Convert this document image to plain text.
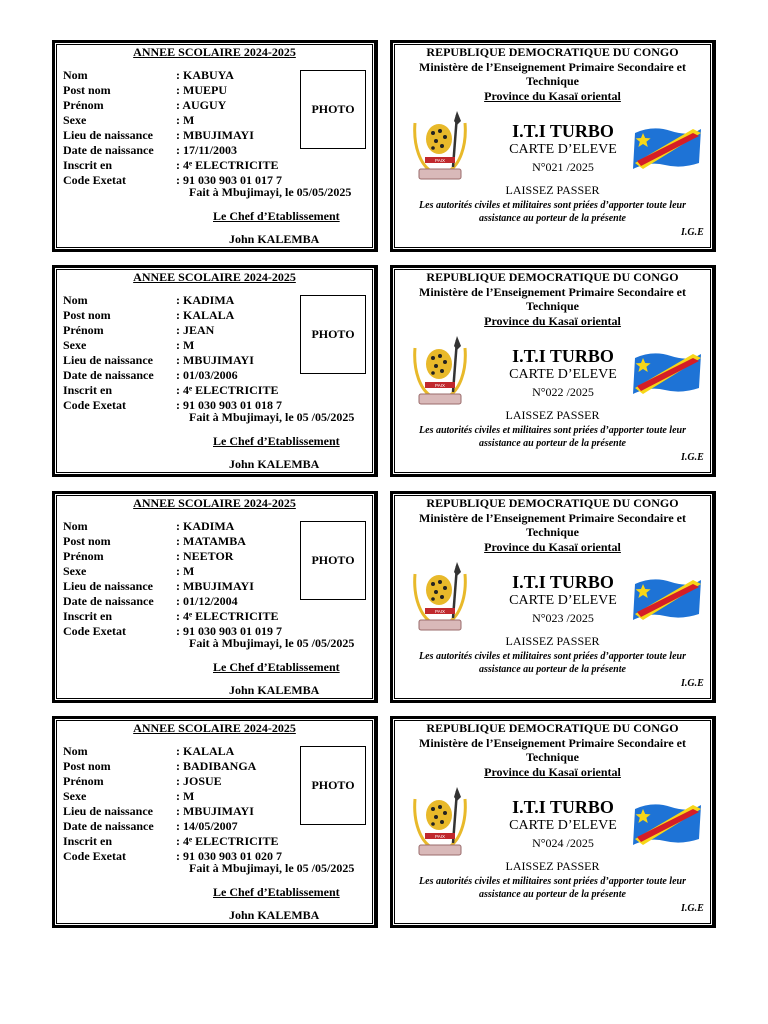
ANNEE SCOLAIRE 2024-2025
Nom	: KABUYA
Post nom	: MUEPU
Prénom	: AUGUY
Sexe	: M
Lieu de naissance : MBUJIMAYI
Date de naissance : 17/11/2003
Inscrit en	: 4ᵉ ELECTRICITE
Code Exetat	: 91 030 903 01 017 7
PHOTO
Fait à Mbujimayi, le 05/05/2025
Le Chef d’Etablissement
John KALEMBA
REPUBLIQUE DEMOCRATIQUE DU CONGO
Ministère de l’Enseignement Primaire Secondaire et
Technique
Province du Kasaï oriental
PAIX
I.T.I TURBO
CARTE D’ELEVE
N°021 /2025
LAISSEZ PASSER
Les autorités civiles et militaires sont priées d’apporter toute leur
assistance au porteur de la présente
I.G.E
ANNEE SCOLAIRE 2024-2025
Nom	: KADIMA
Post nom	: KALALA
Prénom	: JEAN
Sexe	: M
Lieu de naissance : MBUJIMAYI
Date de naissance : 01/03/2006
Inscrit en	: 4ᵉ ELECTRICITE
Code Exetat	: 91 030 903 01 018 7
PHOTO
Fait à Mbujimayi, le 05 /05/2025
Le Chef d’Etablissement
John KALEMBA
REPUBLIQUE DEMOCRATIQUE DU CONGO
Ministère de l’Enseignement Primaire Secondaire et
Technique
Province du Kasaï oriental
PAIX
I.T.I TURBO
CARTE D’ELEVE
N°022 /2025
LAISSEZ PASSER
Les autorités civiles et militaires sont priées d’apporter toute leur
assistance au porteur de la présente
I.G.E
ANNEE SCOLAIRE 2024-2025
Nom	: KADIMA
Post nom	: MATAMBA
Prénom	: NEETOR
Sexe	: M
Lieu de naissance : MBUJIMAYI
Date de naissance : 01/12/2004
Inscrit en	: 4ᵉ ELECTRICITE
Code Exetat	: 91 030 903 01 019 7
PHOTO
Fait à Mbujimayi, le 05 /05/2025
Le Chef d’Etablissement
John KALEMBA
REPUBLIQUE DEMOCRATIQUE DU CONGO
Ministère de l’Enseignement Primaire Secondaire et
Technique
Province du Kasaï oriental
PAIX
I.T.I TURBO
CARTE D’ELEVE
N°023 /2025
LAISSEZ PASSER
Les autorités civiles et militaires sont priées d’apporter toute leur
assistance au porteur de la présente
I.G.E
ANNEE SCOLAIRE 2024-2025
Nom	: KALALA
Post nom	: BADIBANGA
Prénom	: JOSUE
Sexe	: M
Lieu de naissance : MBUJIMAYI
Date de naissance : 14/05/2007
Inscrit en	: 4ᵉ ELECTRICITE
Code Exetat	: 91 030 903 01 020 7
PHOTO
Fait à Mbujimayi, le 05 /05/2025
Le Chef d’Etablissement
John KALEMBA
REPUBLIQUE DEMOCRATIQUE DU CONGO
Ministère de l’Enseignement Primaire Secondaire et
Technique
Province du Kasaï oriental
PAIX
I.T.I TURBO
CARTE D’ELEVE
N°024 /2025
LAISSEZ PASSER
Les autorités civiles et militaires sont priées d’apporter toute leur
assistance au porteur de la présente
I.G.E
